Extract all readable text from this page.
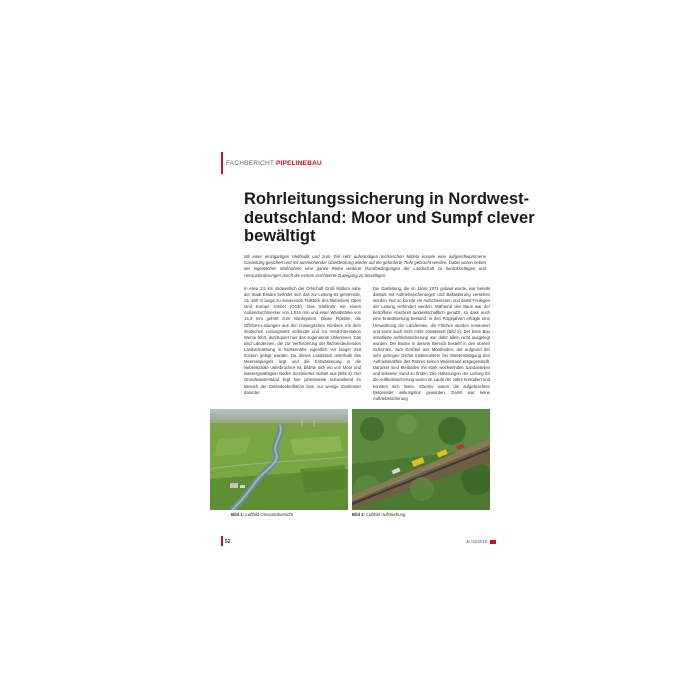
FACHBERICHT PIPELINEBAU
Rohrleitungssicherung in Nordwest-
deutschland: Moor und Sumpf clever
bewältigt

Mit einer einzigartigen Methodik und zum Teil sehr aufwändigen technischen Mitteln konnte eine aufgeschwommene Gasleitung gesichert und mit ausreichender Überdeckung wieder auf die geforderte Tiefe gebracht werden. Dabei waren neben der eigentlichen Maßnahme eine ganze Reihe weiterer Randbedingungen der Landschaft zu berücksichtigen und Herausforderungen durch die extrem erschwerte Zuwegung zu bewältigen.

In etwa 2,5 km südwestlich der Ortschaft Groß Midlum nahe der Stadt Emden befindet sich das zur Leitung 63 gehörende, ca. 180 m lange zu sanierende Teilstück des Betreibers Open Grid Europe GmbH (OGE). Das Stahlrohr mit einem Außendurchmesser von 1.016 mm und einer Wandstärke von 14,3 mm gehört zum Nordsystem. Diese Pipeline, die Offshore-Leitungen aus der norwegischen Nordsee mit dem deutschen Leitungsnetz verbindet und zur Verdichterstation Werne führt, durchquert hier das sogenannte Uhlenmeer. Das sind Ländereien, die zur Verhinderung der flächendeckenden Landvernässung in Küstennähe eigentlich vor langer Zeit trocken gelegt wurden. Da dieses Landstück unterhalb des Meeresspiegels liegt und die Entwässerung in die Nebenkanäle unterbrochen ist, bildete sich ein von Moor und wassergesättigten Böden dominiertes Gebiet aus (Bild 1). Der Grundwasserstand liegt hier jahresweise schwankend im Bereich der Geländeoberfläche bzw. nur wenige Zentimeter darunter.
Die Gasleitung, die im Jahre 1971 gebaut wurde, war bereits damals mit Auftriebssicherungen und Ballastierung versehen worden. Nur so konnte ein Aufschwimmen und damit Freilegen der Leitung verhindert werden. Während des Baus war der betroffene Abschnitt landwirtschaftlich genutzt, so dass auch eine Entwässerung bestand. In den Folgejahren erfolgte eine Umwidmung der Ländereien, die Flächen wurden renaturiert und somit auch nicht mehr entwässert (Bild 2). Der beim Bau installierte Auftriebssicherung war dafür allein nicht ausgelegt worden. Der Boden in diesem Bereich besteht in den oberen Schichten, zum Großteil aus Moorboden, der aufgrund der sehr geringen Dichte insbesondere bei Wassersättigung den Auftriebskräften des Rohres keinen Widerstand entgegenstellt. Darunter sind Kleiboden mit stark wechselnden Sandanteilen und teilweise Sand zu finden. Die Halterungen der Leitung für die Auftriebssicherung waren im Laufe der Jahre korrodiert und konnten sich lösen. Ebenso waren die aufgebrachten Betonreiter wirkungslos geworden. Damit war keine Auftriebssicherung
Bild 1: Luftbild Gesamtübersicht	Bild 2: Luftbild Aufstiedrung
52	3r 04/2015
